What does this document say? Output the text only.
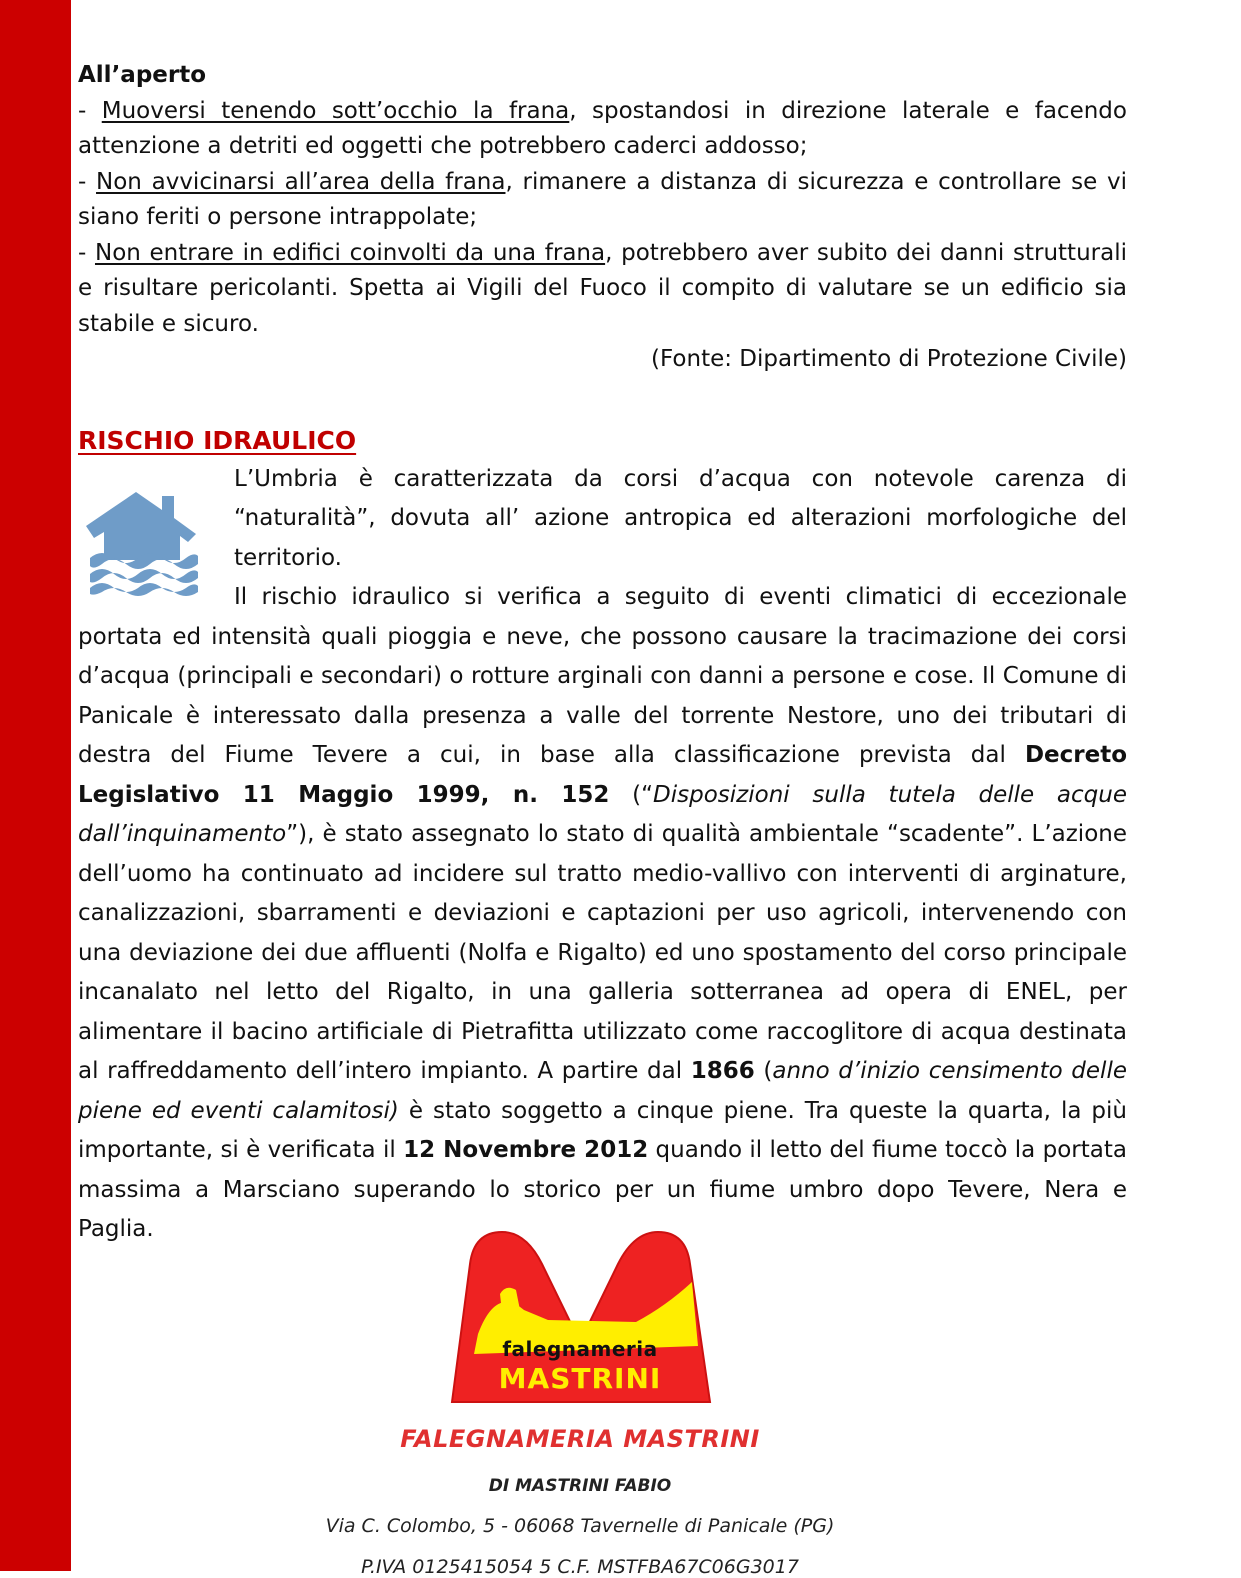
All’aperto

- Muoversi tenendo sott’occhio la frana, spostandosi in direzione laterale e facendo attenzione a detriti ed oggetti che potrebbero caderci addosso;

- Non avvicinarsi all’area della frana, rimanere a distanza di sicurezza e controllare se vi siano feriti o persone intrappolate;

- Non entrare in edifici coinvolti da una frana, potrebbero aver subito dei danni strutturali e risultare pericolanti. Spetta ai Vigili del Fuoco il compito di valutare se un edificio sia stabile e sicuro.

(Fonte: Dipartimento di Protezione Civile)

RISCHIO IDRAULICO

L’Umbria è caratterizzata da corsi d’acqua con notevole carenza di “naturalità”, dovuta all’ azione antropica ed alterazioni morfologiche del territorio.
Il rischio idraulico si verifica a seguito di eventi climatici di eccezionale portata ed intensità quali pioggia e neve, che possono causare la tracimazione dei corsi d’acqua (principali e secondari) o rotture arginali con danni a persone e cose. Il Comune di Panicale è interessato dalla presenza a valle del torrente Nestore, uno dei tributari di destra del Fiume Tevere a cui, in base alla classificazione prevista dal Decreto Legislativo 11 Maggio 1999, n. 152 (“Disposizioni sulla tutela delle acque dall’inquinamento”), è stato assegnato lo stato di qualità ambientale “scadente”. L’azione dell’uomo ha continuato ad incidere sul tratto medio-vallivo con interventi di arginature, canalizzazioni, sbarramenti e deviazioni e captazioni per uso agricoli, intervenendo con una deviazione dei due affluenti (Nolfa e Rigalto) ed uno spostamento del corso principale incanalato nel letto del Rigalto, in una galleria sotterranea ad opera di ENEL, per alimentare il bacino artificiale di Pietrafitta utilizzato come raccoglitore di acqua destinata al raffreddamento dell’intero impianto. A partire dal 1866 (anno d’inizio censimento delle piene ed eventi calamitosi) è stato soggetto a cinque piene. Tra queste la quarta, la più importante, si è verificata il 12 Novembre 2012 quando il letto del fiume toccò la portata massima a Marsciano superando lo storico per un fiume umbro dopo Tevere, Nera e Paglia.

falegnameria
MASTRINI
FALEGNAMERIA MASTRINI
DI MASTRINI FABIO
Via C. Colombo, 5 - 06068 Tavernelle di Panicale (PG)
P.IVA 0125415054 5 C.F. MSTFBA67C06G3017
